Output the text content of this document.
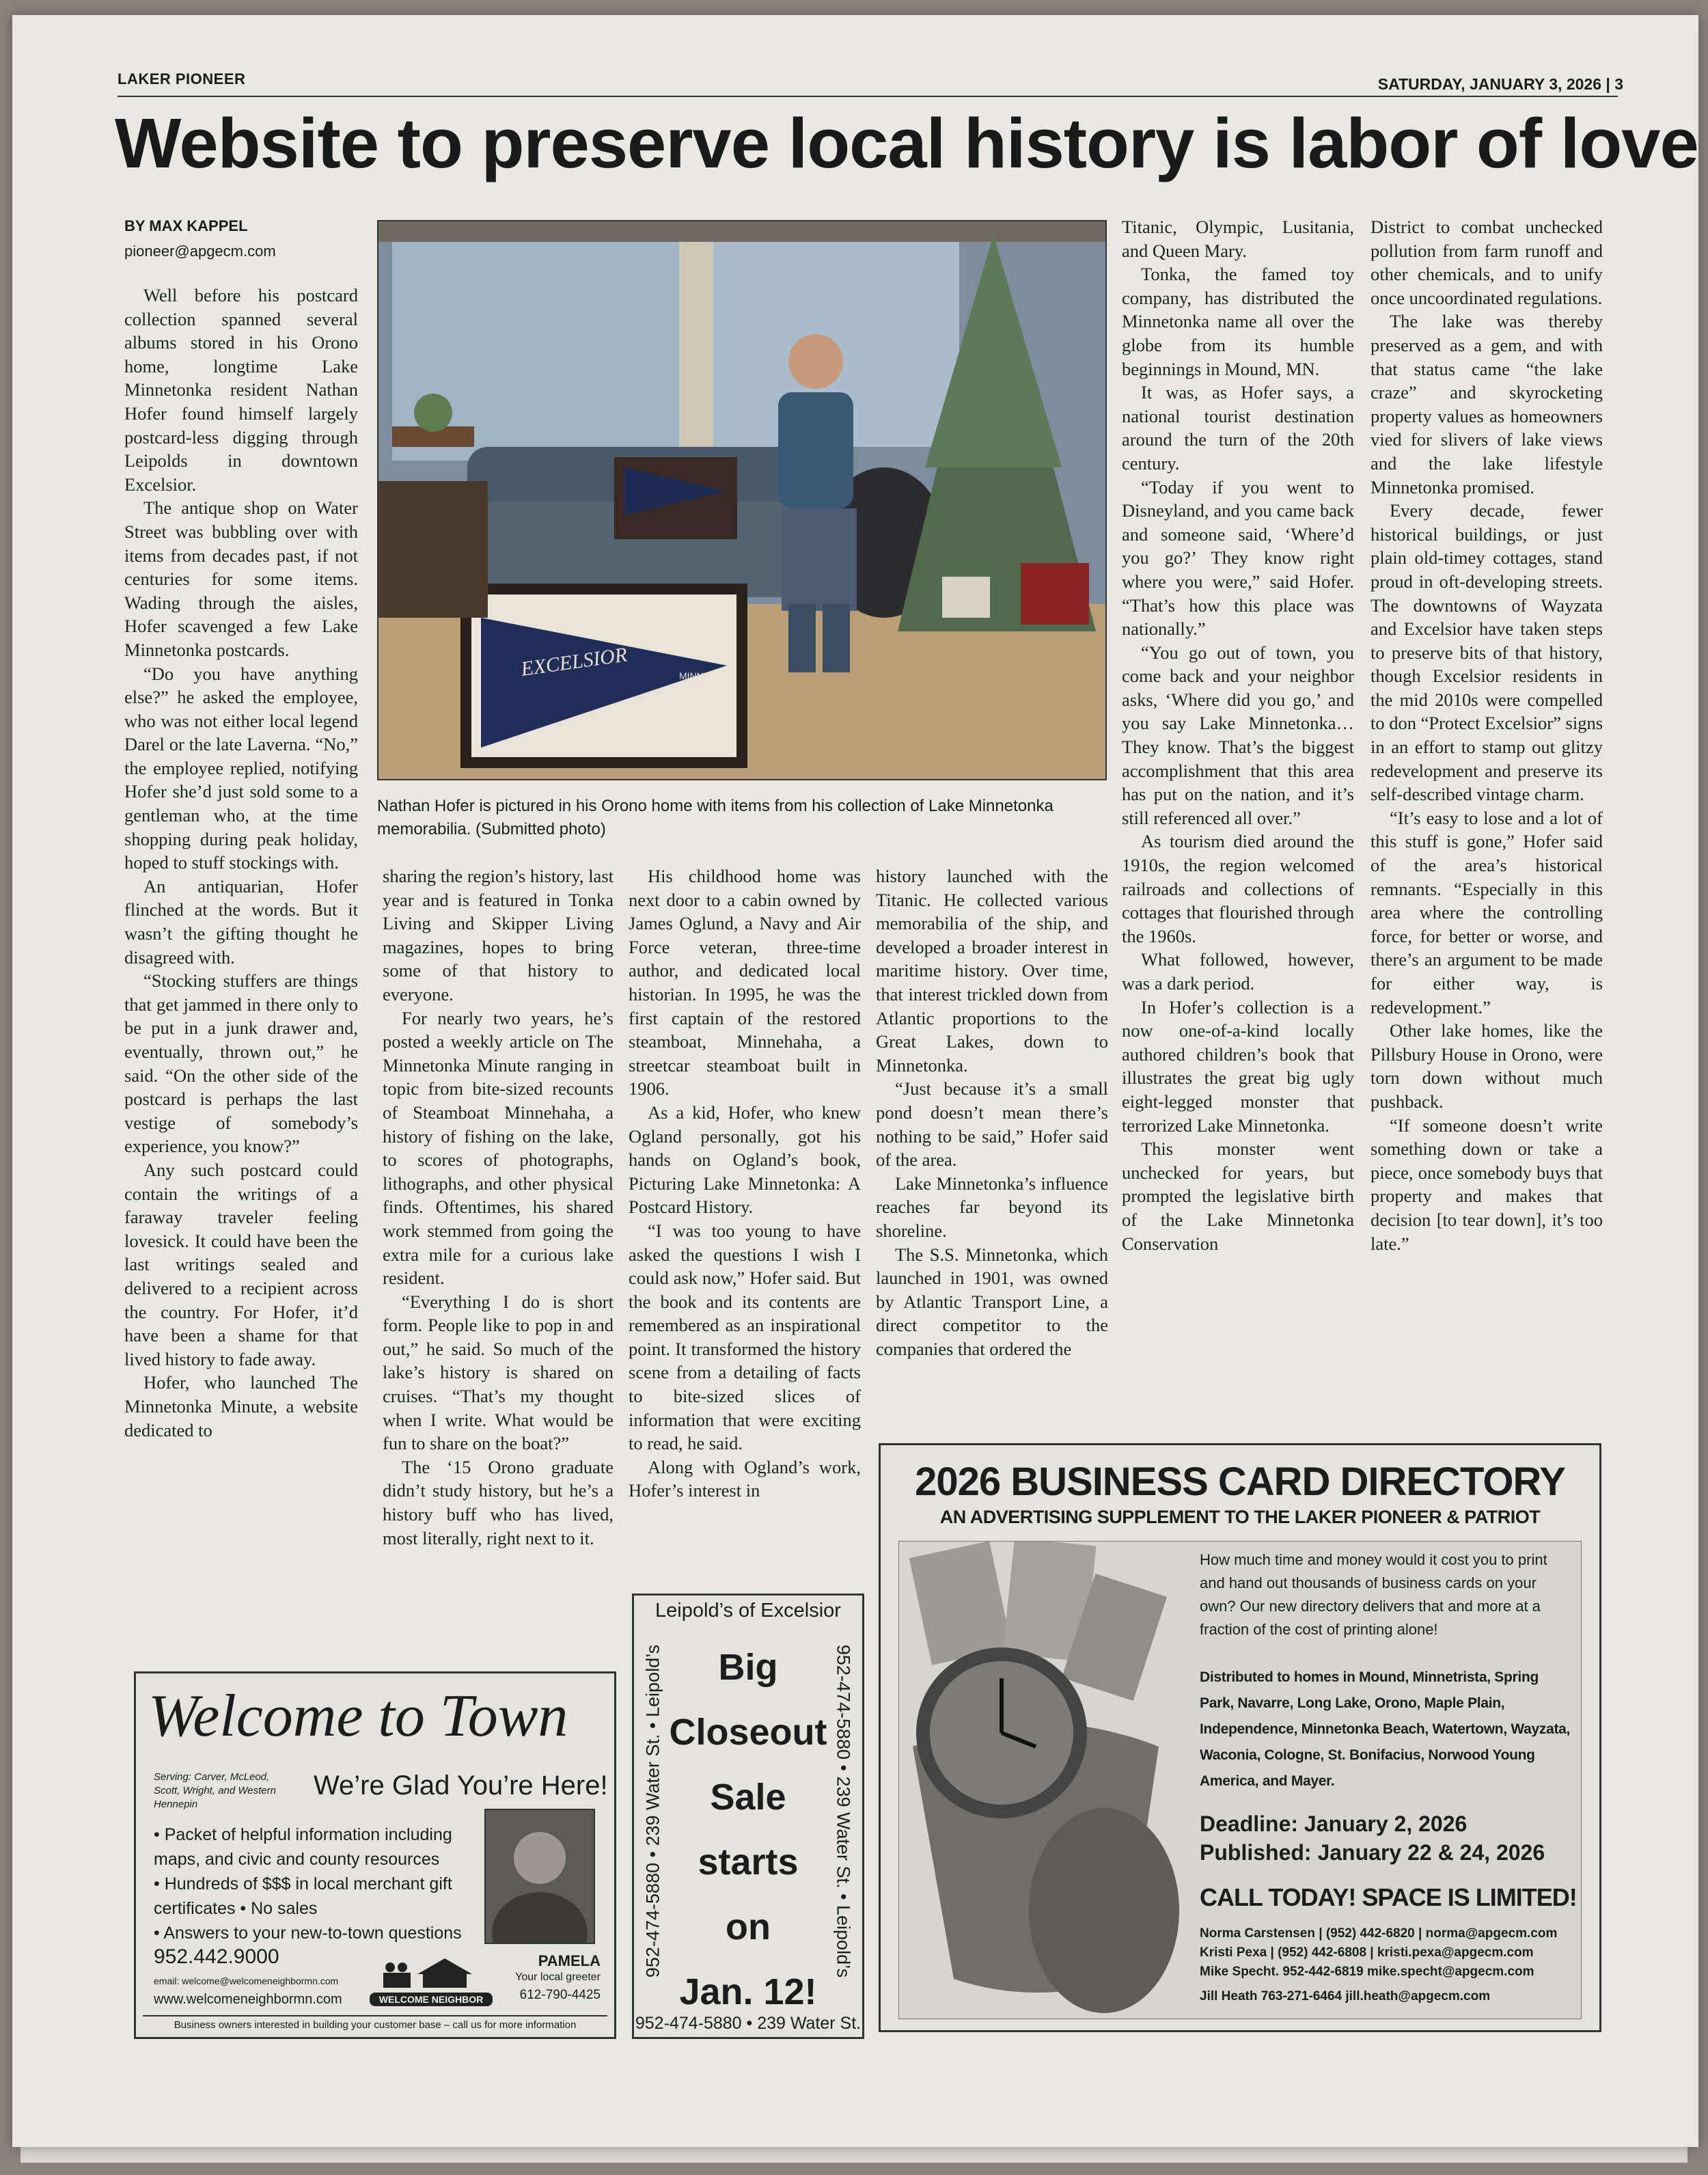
LAKER PIONEER	SATURDAY, JANUARY 3, 2026 | 3
Website to preserve local history is labor of love
BY MAX KAPPEL
pioneer@apgecm.com

Well before his postcard collection spanned several albums stored in his Orono home, longtime Lake Minnetonka resident Nathan Hofer found himself largely postcard-less digging through Leipolds in downtown Excelsior.

The antique shop on Water Street was bubbling over with items from decades past, if not centuries for some items. Wading through the aisles, Hofer scavenged a few Lake Minnetonka postcards.

“Do you have anything else?” he asked the employee, who was not either local legend Darel or the late Laverna. “No,” the employee replied, notifying Hofer she’d just sold some to a gentleman who, at the time shopping during peak holiday, hoped to stuff stockings with.

An antiquarian, Hofer flinched at the words. But it wasn’t the gifting thought he disagreed with.

“Stocking stuffers are things that get jammed in there only to be put in a junk drawer and, eventually, thrown out,” he said. “On the other side of the postcard is perhaps the last vestige of somebody’s experience, you know?”

Any such postcard could contain the writings of a faraway traveler feeling lovesick. It could have been the last writings sealed and delivered to a recipient across the country. For Hofer, it’d have been a shame for that lived history to fade away.

Hofer, who launched The Minnetonka Minute, a website dedicated to

EXCELSIOR	MINN
Nathan Hofer is pictured in his Orono home with items from his collection of Lake Minnetonka memorabilia. (Submitted photo)

sharing the region’s history, last year and is featured in Tonka Living and Skipper Living magazines, hopes to bring some of that history to everyone.

For nearly two years, he’s posted a weekly article on The Minnetonka Minute ranging in topic from bite-sized recounts of Steamboat Minnehaha, a history of fishing on the lake, to scores of photographs, lithographs, and other physical finds. Oftentimes, his shared work stemmed from going the extra mile for a curious lake resident.

“Everything I do is short form. People like to pop in and out,” he said. So much of the lake’s history is shared on cruises. “That’s my thought when I write. What would be fun to share on the boat?”

The ‘15 Orono graduate didn’t study history, but he’s a history buff who has lived, most literally, right next to it.

His childhood home was next door to a cabin owned by James Oglund, a Navy and Air Force veteran, three-time author, and dedicated local historian. In 1995, he was the first captain of the restored steamboat, Minnehaha, a streetcar steamboat built in 1906.

As a kid, Hofer, who knew Ogland personally, got his hands on Ogland’s book, Picturing Lake Minnetonka: A Postcard History.

“I was too young to have asked the questions I wish I could ask now,” Hofer said. But the book and its contents are remembered as an inspirational point. It transformed the history scene from a detailing of facts to bite-sized slices of information that were exciting to read, he said.

Along with Ogland’s work, Hofer’s interest in

history launched with the Titanic. He collected various memorabilia of the ship, and developed a broader interest in maritime history. Over time, that interest trickled down from Atlantic proportions to the Great Lakes, down to Minnetonka.

“Just because it’s a small pond doesn’t mean there’s nothing to be said,” Hofer said of the area.

Lake Minnetonka’s influence reaches far beyond its shoreline.

The S.S. Minnetonka, which launched in 1901, was owned by Atlantic Transport Line, a direct competitor to the companies that ordered the

Titanic, Olympic, Lusitania, and Queen Mary.

Tonka, the famed toy company, has distributed the Minnetonka name all over the globe from its humble beginnings in Mound, MN.

It was, as Hofer says, a national tourist destination around the turn of the 20th century.

“Today if you went to Disneyland, and you came back and someone said, ‘Where’d you go?’ They know right where you were,” said Hofer. “That’s how this place was nationally.”

“You go out of town, you come back and your neighbor asks, ‘Where did you go,’ and you say Lake Minnetonka… They know. That’s the biggest accomplishment that this area has put on the nation, and it’s still referenced all over.”

As tourism died around the 1910s, the region welcomed railroads and collections of cottages that flourished through the 1960s.

What followed, however, was a dark period.

In Hofer’s collection is a now one-of-a-kind locally authored children’s book that illustrates the great big ugly eight-legged monster that terrorized Lake Minnetonka.

This monster went unchecked for years, but prompted the legislative birth of the Lake Minnetonka Conservation

District to combat unchecked pollution from farm runoff and other chemicals, and to unify once uncoordinated regulations.

The lake was thereby preserved as a gem, and with that status came “the lake craze” and skyrocketing property values as homeowners vied for slivers of lake views and the lake lifestyle Minnetonka promised.

Every decade, fewer historical buildings, or just plain old-timey cottages, stand proud in oft-developing streets. The downtowns of Wayzata and Excelsior have taken steps to preserve bits of that history, though Excelsior residents in the mid 2010s were compelled to don “Protect Excelsior” signs in an effort to stamp out glitzy redevelopment and preserve its self-described vintage charm.

“It’s easy to lose and a lot of this stuff is gone,” Hofer said of the area’s historical remnants. “Especially in this area where the controlling force, for better or worse, and there’s an argument to be made for either way, is redevelopment.”

Other lake homes, like the Pillsbury House in Orono, were torn down without much pushback.

“If someone doesn’t write something down or take a piece, once somebody buys that property and makes that decision [to tear down], it’s too late.”

Welcome to Town
Serving: Carver, McLeod, Scott, Wright, and Western Hennepin
We’re Glad You’re Here!
• Packet of helpful information including maps, and civic and county resources
• Hundreds of $$$ in local merchant gift certificates • No sales
• Answers to your new-to-town questions
952.442.9000
email: welcome@welcomeneighbormn.com
www.welcomeneighbormn.com	WELCOME NEIGHBOR
PAMELA
Your local greeter
612-790-4425
Business owners interested in building your customer base – call us for more information
Leipold’s of Excelsior
952-474-5880 • 239 Water St. • Leipold’s	952-474-5880 • 239 Water St. • Leipold’s
Big
Closeout
Sale
starts
on
Jan. 12!
952-474-5880 • 239 Water St.
2026 BUSINESS CARD DIRECTORY
AN ADVERTISING SUPPLEMENT TO THE LAKER PIONEER & PATRIOT
How much time and money would it cost you to print and hand out thousands of business cards on your own? Our new directory delivers that and more at a fraction of the cost of printing alone!
Distributed to homes in Mound, Minnetrista, Spring Park, Navarre, Long Lake, Orono, Maple Plain, Independence, Minnetonka Beach, Watertown, Wayzata, Waconia, Cologne, St. Bonifacius, Norwood Young America, and Mayer.
Deadline: January 2, 2026
Published: January 22 & 24, 2026
CALL TODAY! SPACE IS LIMITED!
Norma Carstensen | (952) 442-6820 | norma@apgecm.com
Kristi Pexa | (952) 442-6808 | kristi.pexa@apgecm.com
Mike Specht. 952-442-6819 mike.specht@apgecm.com
Jill Heath 763-271-6464 jill.heath@apgecm.com
